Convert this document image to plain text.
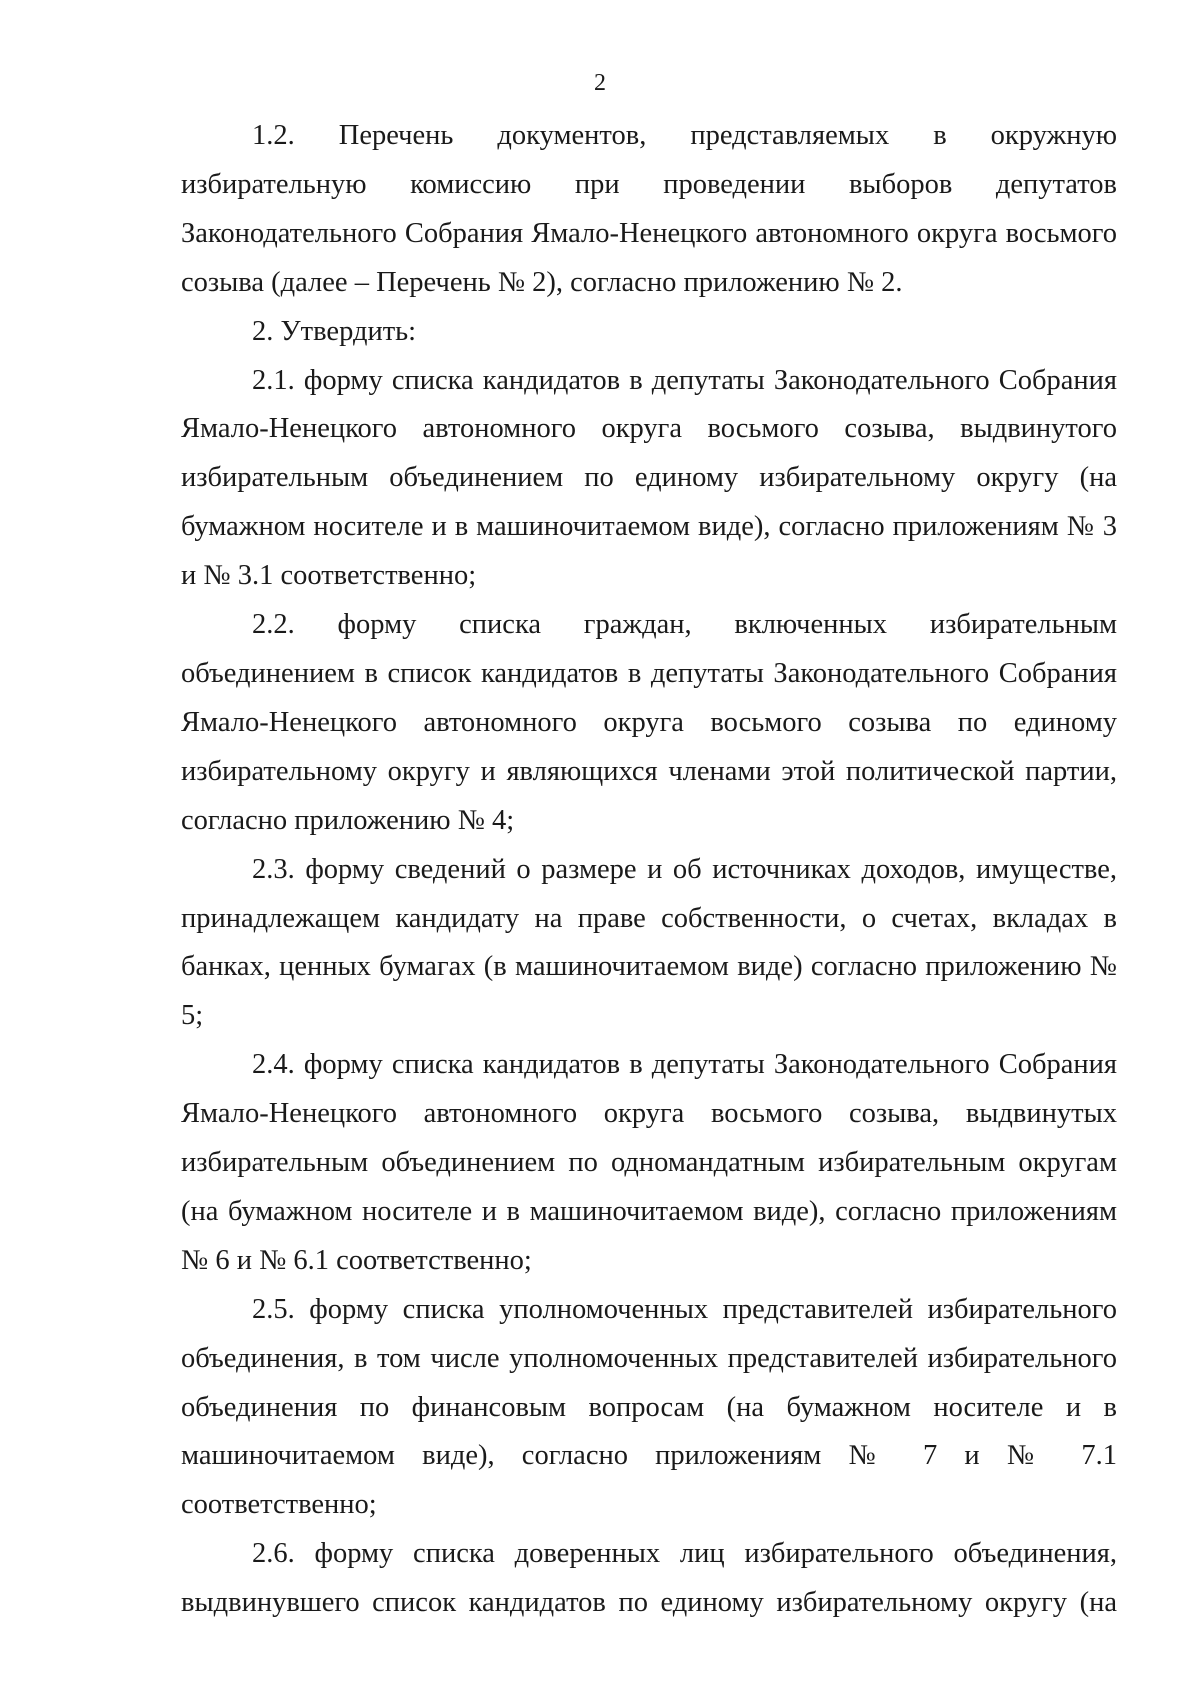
2

1.2. Перечень документов, представляемых в окружную избирательную комиссию при проведении выборов депутатов Законодательного Собрания Ямало-Ненецкого автономного округа восьмого созыва (далее – Перечень № 2), согласно приложению № 2.

2. Утвердить:

2.1. форму списка кандидатов в депутаты Законодательного Собрания Ямало-Ненецкого автономного округа восьмого созыва, выдвинутого избирательным объединением по единому избирательному округу (на бумажном носителе и в машиночитаемом виде), согласно приложениям № 3 и № 3.1 соответственно;

2.2. форму списка граждан, включенных избирательным объединением в список кандидатов в депутаты Законодательного Собрания Ямало-Ненецкого автономного округа восьмого созыва по единому избирательному округу и являющихся членами этой политической партии, согласно приложению № 4;

2.3. форму сведений о размере и об источниках доходов, имуществе, принадлежащем кандидату на праве собственности, о счетах, вкладах в банках, ценных бумагах (в машиночитаемом виде) согласно приложению № 5;

2.4. форму списка кандидатов в депутаты Законодательного Собрания Ямало-Ненецкого автономного округа восьмого созыва, выдвинутых избирательным объединением по одномандатным избирательным округам (на бумажном носителе и в машиночитаемом виде), согласно приложениям № 6 и № 6.1 соответственно;

2.5. форму списка уполномоченных представителей избирательного объединения, в том числе уполномоченных представителей избирательного объединения по финансовым вопросам (на бумажном носителе и в машиночитаемом виде), согласно приложениям № 7 и № 7.1 соответственно;

2.6. форму списка доверенных лиц избирательного объединения, выдвинувшего список кандидатов по единому избирательному округу (на
